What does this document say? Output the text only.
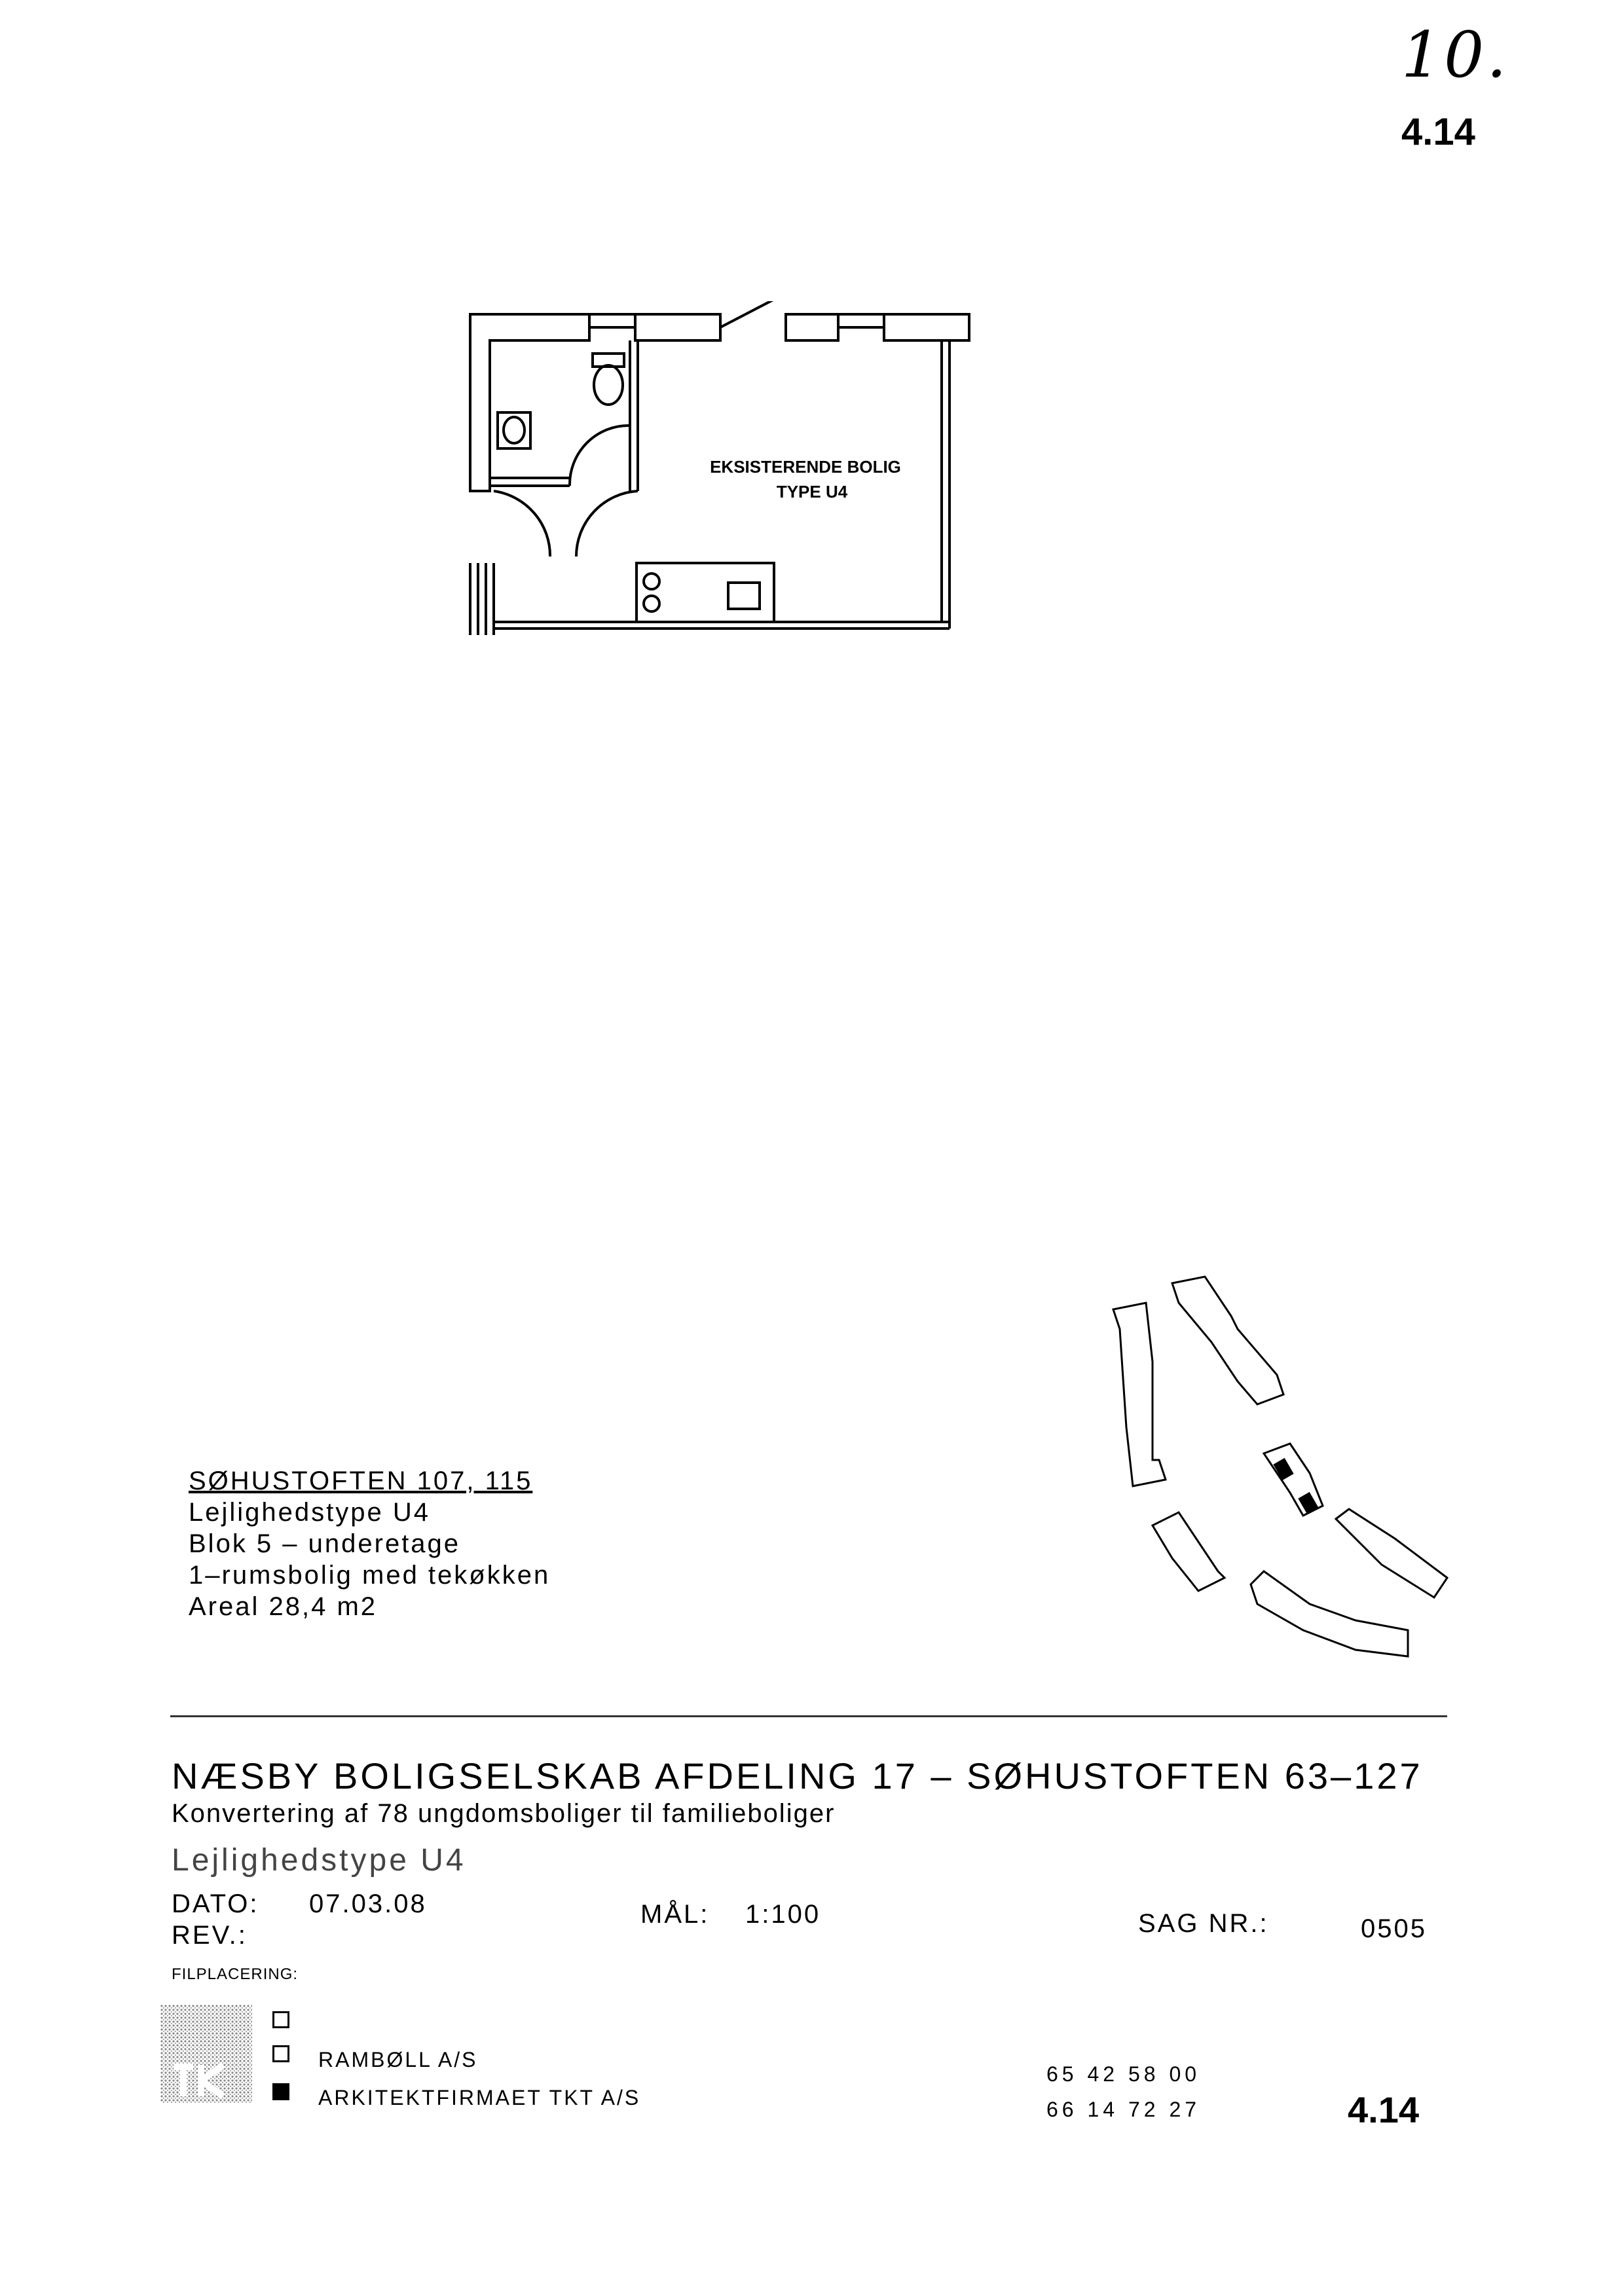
10.
4.14
EKSISTERENDE BOLIG
TYPE U4
SØHUSTOFTEN 107, 115
Lejlighedstype U4
Blok 5 – underetage
1–rumsbolig med tekøkken
Areal 28,4 m2
NÆSBY BOLIGSELSKAB AFDELING 17 – SØHUSTOFTEN 63–127
Konvertering af 78 ungdomsboliger til familieboliger
Lejlighedstype U4
DATO: 07.03.08
REV.:
MÅL: 1:100	SAG NR.:	0505
FILPLACERING:
RAMBØLL A/S
ARKITEKTFIRMAET TKT A/S
65 42 58 00
66 14 72 27	4.14
